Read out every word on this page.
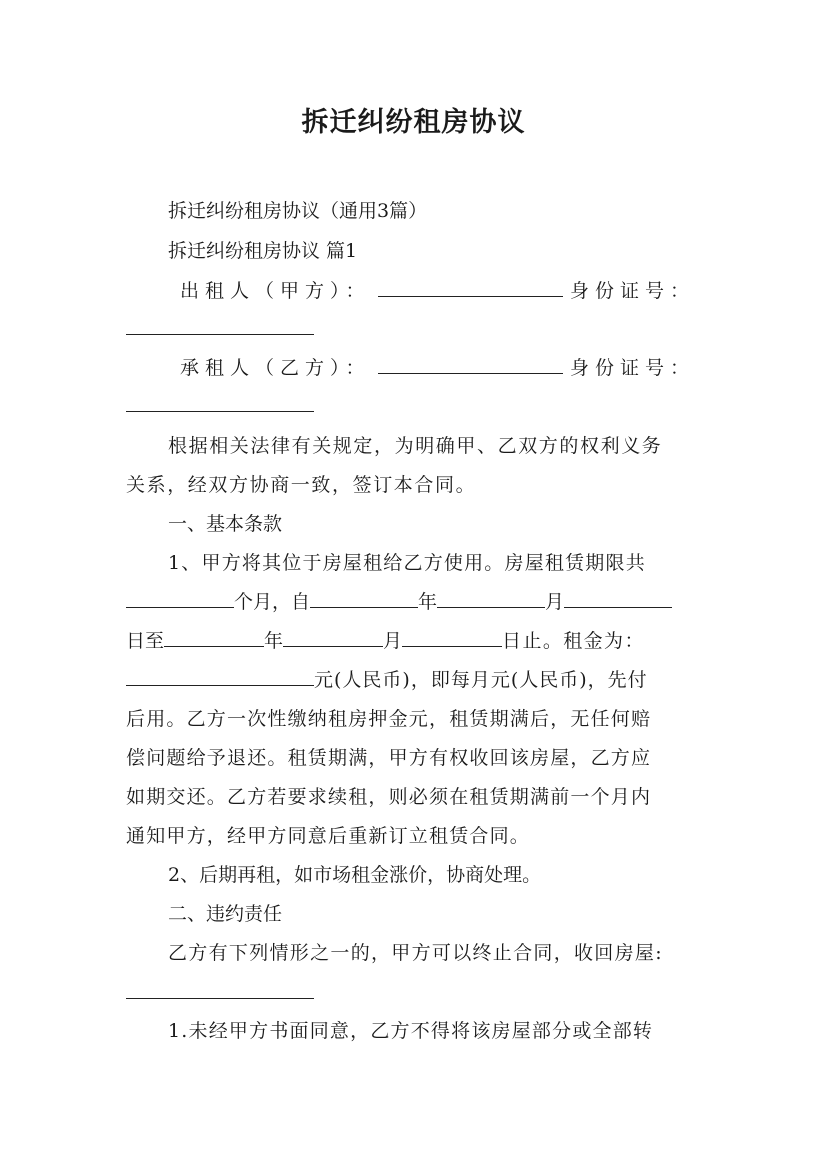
拆迁纠纷租房协议
拆迁纠纷租房协议（通用3篇）
拆迁纠纷租房协议 篇1
出租人（甲方）：	身份证号：
承租人（乙方）：	身份证号：
根据相关法律有关规定，为明确甲、乙双方的权利义务
关系，经双方协商一致，签订本合同。
一、基本条款
1、甲方将其位于房屋租给乙方使用。房屋租赁期限共
个月，自	年	月
日至	年	月	日止。租金为：
元(人民币)，即每月元(人民币)，先付
后用。乙方一次性缴纳租房押金元，租赁期满后，无任何赔
偿问题给予退还。租赁期满，甲方有权收回该房屋，乙方应
如期交还。乙方若要求续租，则必须在租赁期满前一个月内
通知甲方，经甲方同意后重新订立租赁合同。
2、后期再租，如市场租金涨价，协商处理。
二、违约责任
乙方有下列情形之一的，甲方可以终止合同，收回房屋:
1.未经甲方书面同意，乙方不得将该房屋部分或全部转
